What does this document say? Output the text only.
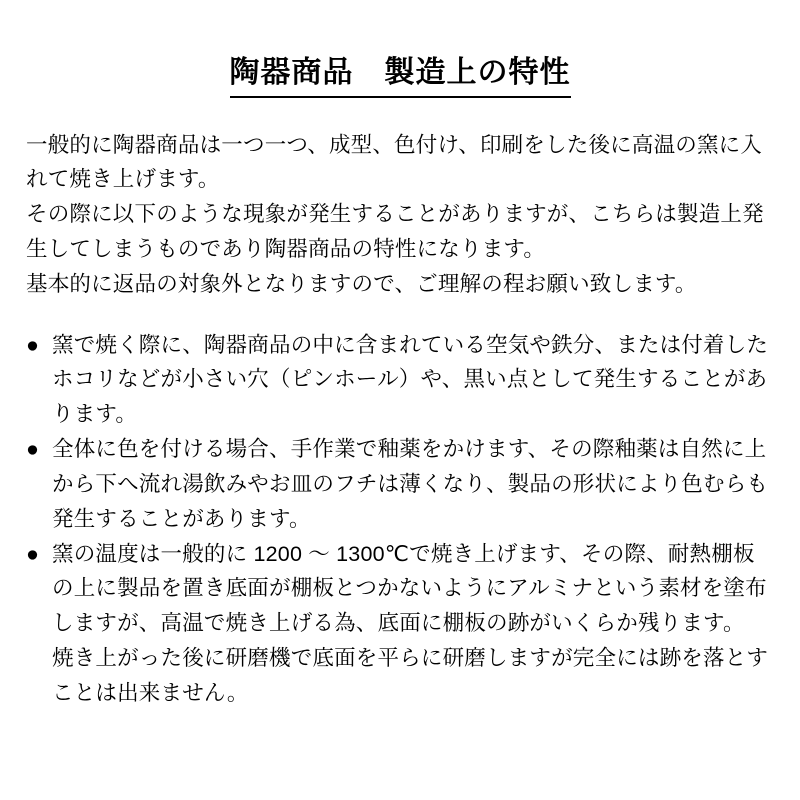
陶器商品　製造上の特性

一般的に陶器商品は一つ一つ、成型、色付け、印刷をした後に高温の窯に入れて焼き上げます。

その際に以下のような現象が発生することがありますが、こちらは製造上発生してしまうものであり陶器商品の特性になります。

基本的に返品の対象外となりますので、ご理解の程お願い致します。

● 窯で焼く際に、陶器商品の中に含まれている空気や鉄分、または付着したホコリなどが小さい穴（ピンホール）や、黒い点として発生することがあります。
● 全体に色を付ける場合、手作業で釉薬をかけます、その際釉薬は自然に上から下へ流れ湯飲みやお皿のフチは薄くなり、製品の形状により色むらも発生することがあります。
● 窯の温度は一般的に 1200 ～ 1300℃で焼き上げます、その際、耐熱棚板の上に製品を置き底面が棚板とつかないようにアルミナという素材を塗布しますが、高温で焼き上げる為、底面に棚板の跡がいくらか残ります。
焼き上がった後に研磨機で底面を平らに研磨しますが完全には跡を落とすことは出来ません。
